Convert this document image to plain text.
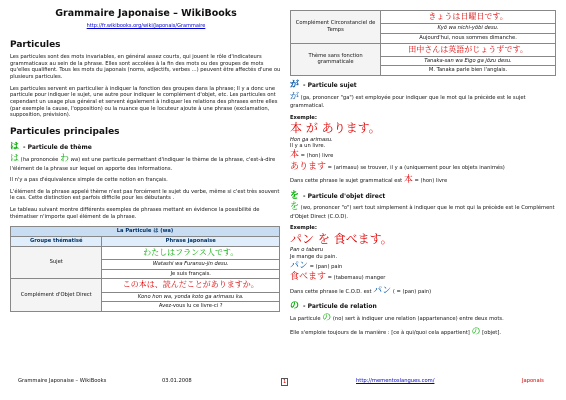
Grammaire Japonaise – WikiBooks
http://fr.wikibooks.org/wiki/Japonais/Grammaire
Particules

Les particules sont des mots invariables, en général assez courts, qui jouent le rôle d'indicateurs grammaticaux au sein de la phrase. Elles sont accolées à la fin des mots ou des groupes de mots qu'elles qualifient. Tous les mots du japonais (noms, adjectifs, verbes ...) peuvent être affectés d'une ou plusieurs particules.

Les particules servent en particulier à indiquer la fonction des groupes dans la phrase; Il y a donc une particule pour indiquer le sujet, une autre pour indiquer le complément d'objet, etc. Les particules ont cependant un usage plus général et servent également à indiquer les relations des phrases entre elles (par exemple la cause, l'opposition) ou la nuance que le locuteur ajoute à une phrase (exclamation, supposition, prévision).

Particules principales
は - Particule de thème

は (ha prononcée わ wa) est une particule permettant d'indiquer le thème de la phrase, c'est-à-dire l'élément de la phrase sur lequel on apporte des informations.

Il n'y a pas d'équivalence simple de cette notion en français.

L'élément de la phrase appelé thème n'est pas forcément le sujet du verbe, même si c'est très souvent le cas. Cette distinction est parfois difficile pour les débutants .

Le tableau suivant montre différents exemples de phrases mettant en évidence la possibilité de thématiser n'importe quel élément de la phrase.

La Particule は (wa)	
Groupe thématisé	Phrase japonaise
Sujet	わたしはフランス人です。
	Watashi wa Furansu-jin desu.
	Je suis français.
Complément d'Objet Direct	この本は、読んだことがありますか。
	Kono hon wa, yonda koto ga arimasu ka.
	Avez-vous lu ce livre-ci ?
Complément Circonstanciel de Temps	きょうは日曜日です。
	Kyō wa nichi-yōbi desu.
	Aujourd'hui, nous sommes dimanche.
Thème sans fonction grammaticale	田中さんは英語がじょうずです。
	Tanaka-san wa Eigo ga jōzu desu.
	M. Tanaka parle bien l'anglais.
が - Particule sujet

が (ga, prononcer "ga") est employée pour indiquer que le mot qui la précède est le sujet grammatical.

Exemple:
本 が あります。
Hon ga arimasu.
Il y a un livre.
本 = (hon) livre
あります = (arimasu) se trouver, il y a (uniquement pour les objets inanimés)
Dans cette phrase le sujet grammatical est 本 = (hon) livre
を - Particule d'objet direct

を (wo, prononcer "o") sert tout simplement à indiquer que le mot qui la précède est le Complément d'Objet Direct (C.O.D).

Exemple:
パン を 食べます。
Pan o taberu
Je mange du pain.
パン = (pan) pain
食べます = (tabemasu) manger
Dans cette phrase le C.O.D. est パン ( = (pan) pain)
の - Particule de relation

La particule の (no) sert à indiquer une relation (appartenance) entre deux mots.

Elle s'emploie toujours de la manière : [ce à qui/quoi cela appartient] の [objet].

Grammaire Japonaise – WikiBooks	03.01.2008	1	http://mementoslangues.com/	Japonais
